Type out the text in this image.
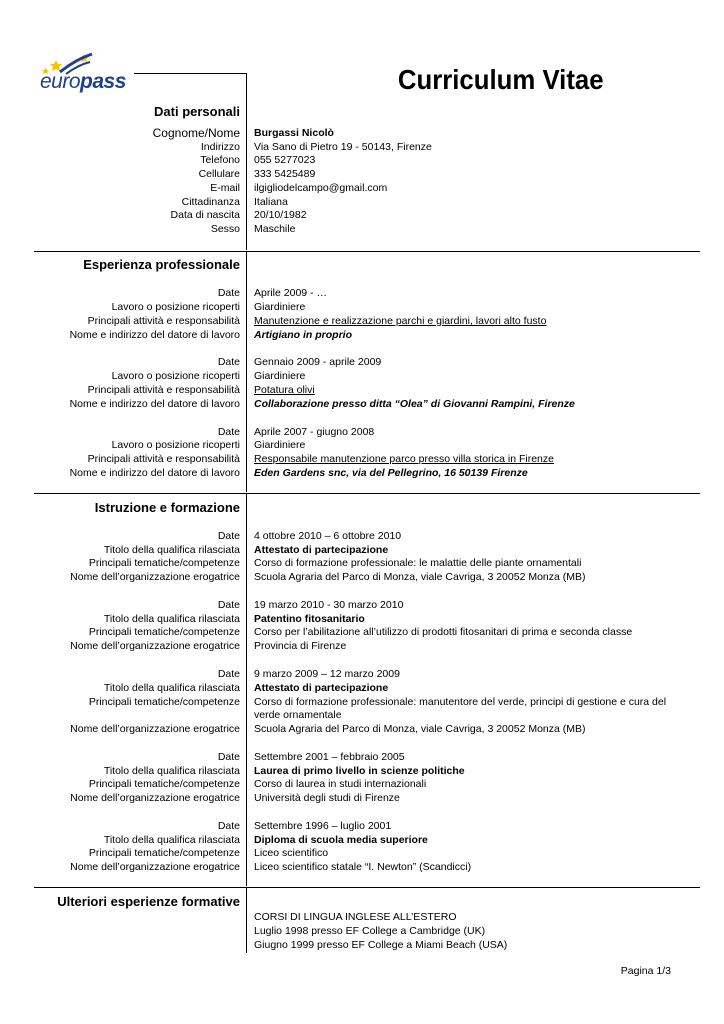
europass	Curriculum Vitae
Dati personali
Cognome/Nome Burgassi Nicolò
Indirizzo Via Sano di Pietro 19 - 50143, Firenze
Telefono 055 5277023
Cellulare 333 5425489
E-mail ilgigliodelcampo@gmail.com
Cittadinanza Italiana
Data di nascita 20/10/1982
Sesso Maschile
Esperienza professionale
Date Aprile 2009 - …
Lavoro o posizione ricoperti Giardiniere
Principali attività e responsabilità Manutenzione e realizzazione parchi e giardini, lavori alto fusto
Nome e indirizzo del datore di lavoro Artigiano in proprio
Date Gennaio 2009 - aprile 2009
Lavoro o posizione ricoperti Giardiniere
Principali attività e responsabilità Potatura olivi
Nome e indirizzo del datore di lavoro Collaborazione presso ditta “Olea” di Giovanni Rampini, Firenze
Date Aprile 2007 - giugno 2008
Lavoro o posizione ricoperti Giardiniere
Principali attività e responsabilità Responsabile manutenzione parco presso villa storica in Firenze
Nome e indirizzo del datore di lavoro Eden Gardens snc, via del Pellegrino, 16 50139 Firenze
Istruzione e formazione
Date 4 ottobre 2010 – 6 ottobre 2010
Titolo della qualifica rilasciata Attestato di partecipazione
Principali tematiche/competenze Corso di formazione professionale: le malattie delle piante ornamentali
Nome dell’organizzazione erogatrice Scuola Agraria del Parco di Monza, viale Cavriga, 3 20052 Monza (MB)
Date 19 marzo 2010 - 30 marzo 2010
Titolo della qualifica rilasciata Patentino fitosanitario
Principali tematiche/competenze Corso per l’abilitazione all’utilizzo di prodotti fitosanitari di prima e seconda classe
Nome dell’organizzazione erogatrice Provincia di Firenze
Date 9 marzo 2009 – 12 marzo 2009
Titolo della qualifica rilasciata Attestato di partecipazione
Principali tematiche/competenze Corso di formazione professionale: manutentore del verde, principi di gestione e cura del verde ornamentale
Nome dell’organizzazione erogatrice Scuola Agraria del Parco di Monza, viale Cavriga, 3 20052 Monza (MB)
Date Settembre 2001 – febbraio 2005
Titolo della qualifica rilasciata Laurea di primo livello in scienze politiche
Principali tematiche/competenze Corso di laurea in studi internazionali
Nome dell’organizzazione erogatrice Università degli studi di Firenze
Date Settembre 1996 – luglio 2001
Titolo della qualifica rilasciata Diploma di scuola media superiore
Principali tematiche/competenze Liceo scientifico
Nome dell’organizzazione erogatrice Liceo scientifico statale “I. Newton” (Scandicci)
Ulteriori esperienze formative
CORSI DI LINGUA INGLESE ALL’ESTERO
Luglio 1998 presso EF College a Cambridge (UK)
Giugno 1999 presso EF College a Miami Beach (USA)
Pagina 1/3
